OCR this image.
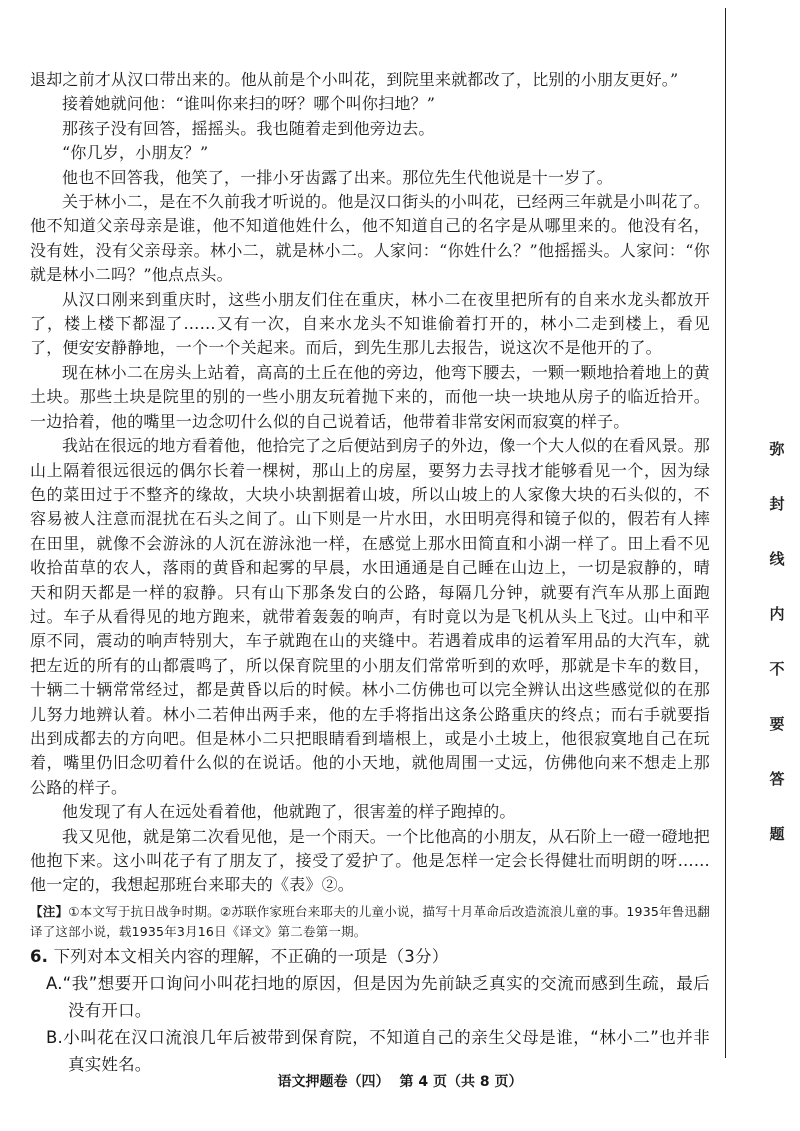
退却之前才从汉口带出来的。他从前是个小叫花，到院里来就都改了，比别的小朋友更好。”

接着她就问他：“谁叫你来扫的呀？哪个叫你扫地？”

那孩子没有回答，摇摇头。我也随着走到他旁边去。

“你几岁，小朋友？”

他也不回答我，他笑了，一排小牙齿露了出来。那位先生代他说是十一岁了。

关于林小二，是在不久前我才听说的。他是汉口街头的小叫花，已经两三年就是小叫花了。他不知道父亲母亲是谁，他不知道他姓什么，他不知道自己的名字是从哪里来的。他没有名，没有姓，没有父亲母亲。林小二，就是林小二。人家问：“你姓什么？”他摇摇头。人家问：“你就是林小二吗？”他点点头。

从汉口刚来到重庆时，这些小朋友们住在重庆，林小二在夜里把所有的自来水龙头都放开了，楼上楼下都湿了……又有一次，自来水龙头不知谁偷着打开的，林小二走到楼上，看见了，便安安静静地，一个一个关起来。而后，到先生那儿去报告，说这次不是他开的了。

现在林小二在房头上站着，高高的土丘在他的旁边，他弯下腰去，一颗一颗地拾着地上的黄土块。那些土块是院里的别的一些小朋友玩着抛下来的，而他一块一块地从房子的临近拾开。一边拾着，他的嘴里一边念叨什么似的自己说着话，他带着非常安闲而寂寞的样子。

我站在很远的地方看着他，他拾完了之后便站到房子的外边，像一个大人似的在看风景。那山上隔着很远很远的偶尔长着一棵树，那山上的房屋，要努力去寻找才能够看见一个，因为绿色的菜田过于不整齐的缘故，大块小块割据着山坡，所以山坡上的人家像大块的石头似的，不容易被人注意而混扰在石头之间了。山下则是一片水田，水田明亮得和镜子似的，假若有人摔在田里，就像不会游泳的人沉在游泳池一样，在感觉上那水田简直和小湖一样了。田上看不见收拾苗草的农人，落雨的黄昏和起雾的早晨，水田通通是自己睡在山边上，一切是寂静的，晴天和阴天都是一样的寂静。只有山下那条发白的公路，每隔几分钟，就要有汽车从那上面跑过。车子从看得见的地方跑来，就带着轰轰的响声，有时竟以为是飞机从头上飞过。山中和平原不同，震动的响声特别大，车子就跑在山的夹缝中。若遇着成串的运着军用品的大汽车，就把左近的所有的山都震鸣了，所以保育院里的小朋友们常常听到的欢呼，那就是卡车的数目，十辆二十辆常常经过，都是黄昏以后的时候。林小二仿佛也可以完全辨认出这些感觉似的在那儿努力地辨认着。林小二若伸出两手来，他的左手将指出这条公路重庆的终点；而右手就要指出到成都去的方向吧。但是林小二只把眼睛看到墙根上，或是小土坡上，他很寂寞地自己在玩着，嘴里仍旧念叨着什么似的在说话。他的小天地，就他周围一丈远，仿佛他向来不想走上那公路的样子。

他发现了有人在远处看着他，他就跑了，很害羞的样子跑掉的。

我又见他，就是第二次看见他，是一个雨天。一个比他高的小朋友，从石阶上一磴一磴地把他抱下来。这小叫花子有了朋友了，接受了爱护了。他是怎样一定会长得健壮而明朗的呀……他一定的，我想起那班台来耶夫的《表》②。

【注】①本文写于抗日战争时期。②苏联作家班台来耶夫的儿童小说，描写十月革命后改造流浪儿童的事。1935年鲁迅翻译了这部小说，载1935年3月16日《译文》第二卷第一期。

6. 下列对本文相关内容的理解，不正确的一项是（3分）

A.“我”想要开口询问小叫花扫地的原因，但是因为先前缺乏真实的交流而感到生疏，最后没有开口。

B.小叫花在汉口流浪几年后被带到保育院，不知道自己的亲生父母是谁，“林小二”也并非真实姓名。

弥
封
线
内
不
要
答
题
语文押题卷（四） 第 4 页（共 8 页）
